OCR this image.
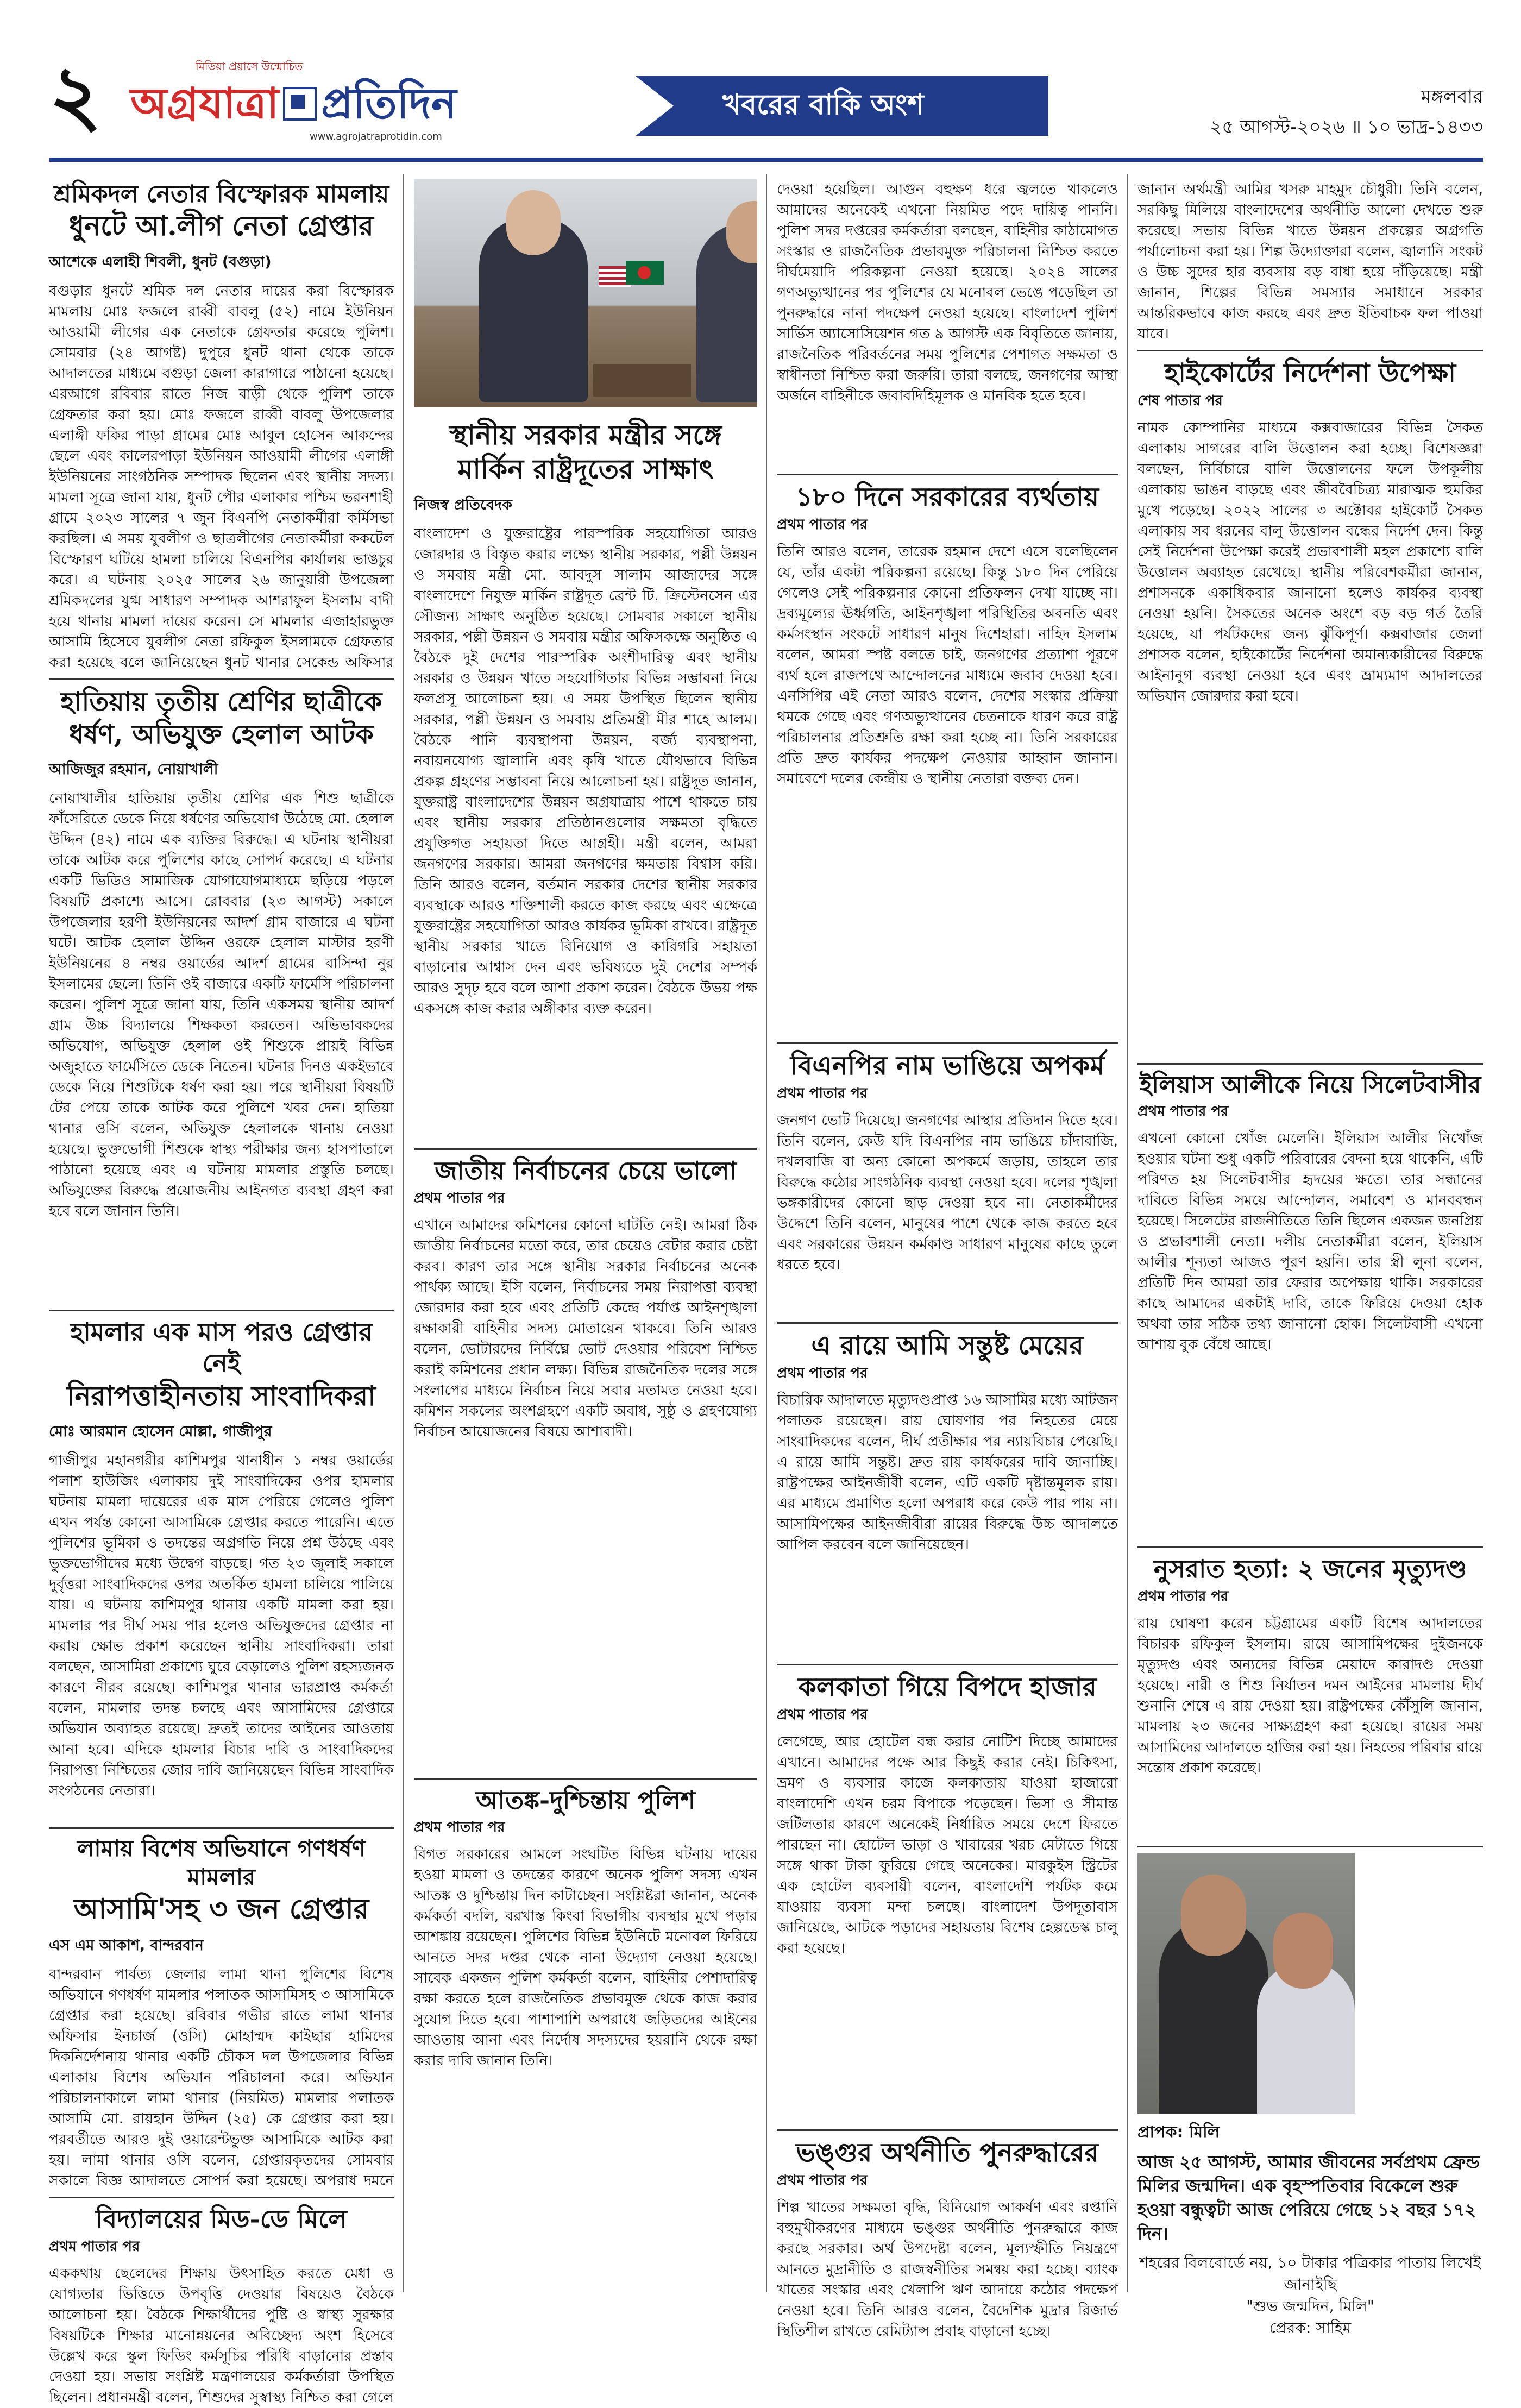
২	মিডিয়া প্রয়াসে উন্মোচিত
অগ্রযাত্রা প্রতিদিন
www.agrojatraprotidin.com
খবরের বাকি অংশ	মঙ্গলবার
২৫ আগস্ট-২০২৬ ॥ ১০ ভাদ্র-১৪৩৩
শ্রমিকদল নেতার বিস্ফোরক মামলায়
ধুনটে আ.লীগ নেতা গ্রেপ্তার
আশেকে এলাহী শিবলী, ধুনট (বগুড়া)
বগুড়ার ধুনটে শ্রমিক দল নেতার দায়ের করা বিস্ফোরক মামলায় মোঃ ফজলে রাব্বী বাবলু (৫২) নামে ইউনিয়ন আওয়ামী লীগের এক নেতাকে গ্রেফতার করেছে পুলিশ। সোমবার (২৪ আগষ্ট) দুপুরে ধুনট থানা থেকে তাকে আদালতের মাধ্যমে বগুড়া জেলা কারাগারে পাঠানো হয়েছে। এরআগে রবিবার রাতে নিজ বাড়ী থেকে পুলিশ তাকে গ্রেফতার করা হয়। মোঃ ফজলে রাব্বী বাবলু উপজেলার এলাঙ্গী ফকির পাড়া গ্রামের মোঃ আবুল হোসেন আকন্দের ছেলে এবং কালেরপাড়া ইউনিয়ন আওয়ামী লীগের এলাঙ্গী ইউনিয়নের সাংগঠনিক সম্পাদক ছিলেন এবং স্থানীয় সদস্য। মামলা সূত্রে জানা যায়, ধুনট পৌর এলাকার পশ্চিম ভরনশাহী গ্রামে ২০২৩ সালের ৭ জুন বিএনপি নেতাকর্মীরা কর্মিসভা করছিল। এ সময় যুবলীগ ও ছাত্রলীগের নেতাকর্মীরা ককটেল বিস্ফোরণ ঘটিয়ে হামলা চালিয়ে বিএনপির কার্যালয় ভাঙচুর করে। এ ঘটনায় ২০২৫ সালের ২৬ জানুয়ারী উপজেলা শ্রমিকদলের যুগ্ম সাধারণ সম্পাদক আশরাফুল ইসলাম বাদী হয়ে থানায় মামলা দায়ের করেন। সে মামলার এজাহারভুক্ত আসামি হিসেবে যুবলীগ নেতা রফিকুল ইসলামকে গ্রেফতার করা হয়েছে বলে জানিয়েছেন ধুনট থানার সেকেন্ড অফিসার
হাতিয়ায় তৃতীয় শ্রেণির ছাত্রীকে
ধর্ষণ, অভিযুক্ত হেলাল আটক
আজিজুর রহমান, নোয়াখালী
নোয়াখালীর হাতিয়ায় তৃতীয় শ্রেণির এক শিশু ছাত্রীকে ফাঁসেরিতে ডেকে নিয়ে ধর্ষণের অভিযোগ উঠেছে মো. হেলাল উদ্দিন (৪২) নামে এক ব্যক্তির বিরুদ্ধে। এ ঘটনায় স্থানীয়রা তাকে আটক করে পুলিশের কাছে সোপর্দ করেছে। এ ঘটনার একটি ভিডিও সামাজিক যোগাযোগমাধ্যমে ছড়িয়ে পড়লে বিষয়টি প্রকাশ্যে আসে। রোববার (২৩ আগস্ট) সকালে উপজেলার হরণী ইউনিয়নের আদর্শ গ্রাম বাজারে এ ঘটনা ঘটে। আটক হেলাল উদ্দিন ওরফে হেলাল মাস্টার হরণী ইউনিয়নের ৪ নম্বর ওয়ার্ডের আদর্শ গ্রামের বাসিন্দা নুর ইসলামের ছেলে। তিনি ওই বাজারে একটি ফার্মেসি পরিচালনা করেন। পুলিশ সূত্রে জানা যায়, তিনি একসময় স্থানীয় আদর্শ গ্রাম উচ্চ বিদ্যালয়ে শিক্ষকতা করতেন। অভিভাবকদের অভিযোগ, অভিযুক্ত হেলাল ওই শিশুকে প্রায়ই বিভিন্ন অজুহাতে ফার্মেসিতে ডেকে নিতেন। ঘটনার দিনও একইভাবে ডেকে নিয়ে শিশুটিকে ধর্ষণ করা হয়। পরে স্থানীয়রা বিষয়টি টের পেয়ে তাকে আটক করে পুলিশে খবর দেন। হাতিয়া থানার ওসি বলেন, অভিযুক্ত হেলালকে থানায় নেওয়া হয়েছে। ভুক্তভোগী শিশুকে স্বাস্থ্য পরীক্ষার জন্য হাসপাতালে পাঠানো হয়েছে এবং এ ঘটনায় মামলার প্রস্তুতি চলছে। অভিযুক্তের বিরুদ্ধে প্রয়োজনীয় আইনগত ব্যবস্থা গ্রহণ করা হবে বলে জানান তিনি।
হামলার এক মাস পরও গ্রেপ্তার নেই
নিরাপত্তাহীনতায় সাংবাদিকরা
মোঃ আরমান হোসেন মোল্লা, গাজীপুর
গাজীপুর মহানগরীর কাশিমপুর থানাধীন ১ নম্বর ওয়ার্ডের পলাশ হাউজিং এলাকায় দুই সাংবাদিকের ওপর হামলার ঘটনায় মামলা দায়েরের এক মাস পেরিয়ে গেলেও পুলিশ এখন পর্যন্ত কোনো আসামিকে গ্রেপ্তার করতে পারেনি। এতে পুলিশের ভূমিকা ও তদন্তের অগ্রগতি নিয়ে প্রশ্ন উঠছে এবং ভুক্তভোগীদের মধ্যে উদ্বেগ বাড়ছে। গত ২৩ জুলাই সকালে দুর্বৃত্তরা সাংবাদিকদের ওপর অতর্কিত হামলা চালিয়ে পালিয়ে যায়। এ ঘটনায় কাশিমপুর থানায় একটি মামলা করা হয়। মামলার পর দীর্ঘ সময় পার হলেও অভিযুক্তদের গ্রেপ্তার না করায় ক্ষোভ প্রকাশ করেছেন স্থানীয় সাংবাদিকরা। তারা বলছেন, আসামিরা প্রকাশ্যে ঘুরে বেড়ালেও পুলিশ রহস্যজনক কারণে নীরব রয়েছে। কাশিমপুর থানার ভারপ্রাপ্ত কর্মকর্তা বলেন, মামলার তদন্ত চলছে এবং আসামিদের গ্রেপ্তারে অভিযান অব্যাহত রয়েছে। দ্রুতই তাদের আইনের আওতায় আনা হবে। এদিকে হামলার বিচার দাবি ও সাংবাদিকদের নিরাপত্তা নিশ্চিতের জোর দাবি জানিয়েছেন বিভিন্ন সাংবাদিক সংগঠনের নেতারা।
লামায় বিশেষ অভিযানে গণধর্ষণ মামলার
আসামি'সহ ৩ জন গ্রেপ্তার
এস এম আকাশ, বান্দরবান
বান্দরবান পার্বত্য জেলার লামা থানা পুলিশের বিশেষ অভিযানে গণধর্ষণ মামলার পলাতক আসামিসহ ৩ আসামিকে গ্রেপ্তার করা হয়েছে। রবিবার গভীর রাতে লামা থানার অফিসার ইনচার্জ (ওসি) মোহাম্মদ কাইছার হামিদের দিকনির্দেশনায় থানার একটি চৌকস দল উপজেলার বিভিন্ন এলাকায় বিশেষ অভিযান পরিচালনা করে। অভিযান পরিচালনাকালে লামা থানার (নিয়মিত) মামলার পলাতক আসামি মো. রায়হান উদ্দিন (২৫) কে গ্রেপ্তার করা হয়। পরবর্তীতে আরও দুই ওয়ারেন্টভুক্ত আসামিকে আটক করা হয়। লামা থানার ওসি বলেন, গ্রেপ্তারকৃতদের সোমবার সকালে বিজ্ঞ আদালতে সোপর্দ করা হয়েছে। অপরাধ দমনে
বিদ্যালয়ের মিড-ডে মিলে
প্রথম পাতার পর
এককথায় ছেলেদের শিক্ষায় উৎসাহিত করতে মেধা ও যোগ্যতার ভিত্তিতে উপবৃত্তি দেওয়ার বিষয়েও বৈঠকে আলোচনা হয়। বৈঠকে শিক্ষার্থীদের পুষ্টি ও স্বাস্থ্য সুরক্ষার বিষয়টিকে শিক্ষার মানোন্নয়নের অবিচ্ছেদ্য অংশ হিসেবে উল্লেখ করে স্কুল ফিডিং কর্মসূচির পরিধি বাড়ানোর প্রস্তাব দেওয়া হয়। সভায় সংশ্লিষ্ট মন্ত্রণালয়ের কর্মকর্তারা উপস্থিত ছিলেন। প্রধানমন্ত্রী বলেন, শিশুদের সুস্বাস্থ্য নিশ্চিত করা গেলে
স্থানীয় সরকার মন্ত্রীর সঙ্গে
মার্কিন রাষ্ট্রদূতের সাক্ষাৎ
নিজস্ব প্রতিবেদক
বাংলাদেশ ও যুক্তরাষ্ট্রের পারস্পরিক সহযোগিতা আরও জোরদার ও বিস্তৃত করার লক্ষ্যে স্থানীয় সরকার, পল্লী উন্নয়ন ও সমবায় মন্ত্রী মো. আবদুস সালাম আজাদের সঙ্গে বাংলাদেশে নিযুক্ত মার্কিন রাষ্ট্রদূত ব্রেন্ট টি. ক্রিস্টেনসেন এর সৌজন্য সাক্ষাৎ অনুষ্ঠিত হয়েছে। সোমবার সকালে স্থানীয় সরকার, পল্লী উন্নয়ন ও সমবায় মন্ত্রীর অফিসকক্ষে অনুষ্ঠিত এ বৈঠকে দুই দেশের পারস্পরিক অংশীদারিত্ব এবং স্থানীয় সরকার ও উন্নয়ন খাতে সহযোগিতার বিভিন্ন সম্ভাবনা নিয়ে ফলপ্রসূ আলোচনা হয়। এ সময় উপস্থিত ছিলেন স্থানীয় সরকার, পল্লী উন্নয়ন ও সমবায় প্রতিমন্ত্রী মীর শাহে আলম। বৈঠকে পানি ব্যবস্থাপনা উন্নয়ন, বর্জ্য ব্যবস্থাপনা, নবায়নযোগ্য জ্বালানি এবং কৃষি খাতে যৌথভাবে বিভিন্ন প্রকল্প গ্রহণের সম্ভাবনা নিয়ে আলোচনা হয়। রাষ্ট্রদূত জানান, যুক্তরাষ্ট্র বাংলাদেশের উন্নয়ন অগ্রযাত্রায় পাশে থাকতে চায় এবং স্থানীয় সরকার প্রতিষ্ঠানগুলোর সক্ষমতা বৃদ্ধিতে প্রযুক্তিগত সহায়তা দিতে আগ্রহী। মন্ত্রী বলেন, আমরা জনগণের সরকার। আমরা জনগণের ক্ষমতায় বিশ্বাস করি। তিনি আরও বলেন, বর্তমান সরকার দেশের স্থানীয় সরকার ব্যবস্থাকে আরও শক্তিশালী করতে কাজ করছে এবং এক্ষেত্রে যুক্তরাষ্ট্রের সহযোগিতা আরও কার্যকর ভূমিকা রাখবে। রাষ্ট্রদূত স্থানীয় সরকার খাতে বিনিয়োগ ও কারিগরি সহায়তা বাড়ানোর আশ্বাস দেন এবং ভবিষ্যতে দুই দেশের সম্পর্ক আরও সুদৃঢ় হবে বলে আশা প্রকাশ করেন। বৈঠকে উভয় পক্ষ একসঙ্গে কাজ করার অঙ্গীকার ব্যক্ত করেন।
জাতীয় নির্বাচনের চেয়ে ভালো
প্রথম পাতার পর
এখানে আমাদের কমিশনের কোনো ঘাটতি নেই। আমরা ঠিক জাতীয় নির্বাচনের মতো করে, তার চেয়েও বেটার করার চেষ্টা করব। কারণ তার সঙ্গে স্থানীয় সরকার নির্বাচনের অনেক পার্থক্য আছে। ইসি বলেন, নির্বাচনের সময় নিরাপত্তা ব্যবস্থা জোরদার করা হবে এবং প্রতিটি কেন্দ্রে পর্যাপ্ত আইনশৃঙ্খলা রক্ষাকারী বাহিনীর সদস্য মোতায়েন থাকবে। তিনি আরও বলেন, ভোটারদের নির্বিঘ্নে ভোট দেওয়ার পরিবেশ নিশ্চিত করাই কমিশনের প্রধান লক্ষ্য। বিভিন্ন রাজনৈতিক দলের সঙ্গে সংলাপের মাধ্যমে নির্বাচন নিয়ে সবার মতামত নেওয়া হবে। কমিশন সকলের অংশগ্রহণে একটি অবাধ, সুষ্ঠু ও গ্রহণযোগ্য নির্বাচন আয়োজনের বিষয়ে আশাবাদী।
আতঙ্ক-দুশ্চিন্তায় পুলিশ
প্রথম পাতার পর
বিগত সরকারের আমলে সংঘটিত বিভিন্ন ঘটনায় দায়ের হওয়া মামলা ও তদন্তের কারণে অনেক পুলিশ সদস্য এখন আতঙ্ক ও দুশ্চিন্তায় দিন কাটাচ্ছেন। সংশ্লিষ্টরা জানান, অনেক কর্মকর্তা বদলি, বরখাস্ত কিংবা বিভাগীয় ব্যবস্থার মুখে পড়ার আশঙ্কায় রয়েছেন। পুলিশের বিভিন্ন ইউনিটে মনোবল ফিরিয়ে আনতে সদর দপ্তর থেকে নানা উদ্যোগ নেওয়া হয়েছে। সাবেক একজন পুলিশ কর্মকর্তা বলেন, বাহিনীর পেশাদারিত্ব রক্ষা করতে হলে রাজনৈতিক প্রভাবমুক্ত থেকে কাজ করার সুযোগ দিতে হবে। পাশাপাশি অপরাধে জড়িতদের আইনের আওতায় আনা এবং নির্দোষ সদস্যদের হয়রানি থেকে রক্ষা করার দাবি জানান তিনি।
দেওয়া হয়েছিল। আগুন বহুক্ষণ ধরে জ্বলতে থাকলেও আমাদের অনেকেই এখনো নিয়মিত পদে দায়িত্ব পাননি। পুলিশ সদর দপ্তরের কর্মকর্তারা বলছেন, বাহিনীর কাঠামোগত সংস্কার ও রাজনৈতিক প্রভাবমুক্ত পরিচালনা নিশ্চিত করতে দীর্ঘমেয়াদি পরিকল্পনা নেওয়া হয়েছে। ২০২৪ সালের গণঅভ্যুত্থানের পর পুলিশের যে মনোবল ভেঙে পড়েছিল তা পুনরুদ্ধারে নানা পদক্ষেপ নেওয়া হয়েছে। বাংলাদেশ পুলিশ সার্ভিস অ্যাসোসিয়েশন গত ৯ আগস্ট এক বিবৃতিতে জানায়, রাজনৈতিক পরিবর্তনের সময় পুলিশের পেশাগত সক্ষমতা ও স্বাধীনতা নিশ্চিত করা জরুরি। তারা বলছে, জনগণের আস্থা অর্জনে বাহিনীকে জবাবদিহিমূলক ও মানবিক হতে হবে।
১৮০ দিনে সরকারের ব্যর্থতায়
প্রথম পাতার পর
তিনি আরও বলেন, তারেক রহমান দেশে এসে বলেছিলেন যে, তাঁর একটা পরিকল্পনা রয়েছে। কিন্তু ১৮০ দিন পেরিয়ে গেলেও সেই পরিকল্পনার কোনো প্রতিফলন দেখা যাচ্ছে না। দ্রব্যমূল্যের ঊর্ধ্বগতি, আইনশৃঙ্খলা পরিস্থিতির অবনতি এবং কর্মসংস্থান সংকটে সাধারণ মানুষ দিশেহারা। নাহিদ ইসলাম বলেন, আমরা স্পষ্ট বলতে চাই, জনগণের প্রত্যাশা পূরণে ব্যর্থ হলে রাজপথে আন্দোলনের মাধ্যমে জবাব দেওয়া হবে। এনসিপির এই নেতা আরও বলেন, দেশের সংস্কার প্রক্রিয়া থমকে গেছে এবং গণঅভ্যুত্থানের চেতনাকে ধারণ করে রাষ্ট্র পরিচালনার প্রতিশ্রুতি রক্ষা করা হচ্ছে না। তিনি সরকারের প্রতি দ্রুত কার্যকর পদক্ষেপ নেওয়ার আহ্বান জানান। সমাবেশে দলের কেন্দ্রীয় ও স্থানীয় নেতারা বক্তব্য দেন।
বিএনপির নাম ভাঙিয়ে অপকর্ম
প্রথম পাতার পর
জনগণ ভোট দিয়েছে। জনগণের আস্থার প্রতিদান দিতে হবে। তিনি বলেন, কেউ যদি বিএনপির নাম ভাঙিয়ে চাঁদাবাজি, দখলবাজি বা অন্য কোনো অপকর্মে জড়ায়, তাহলে তার বিরুদ্ধে কঠোর সাংগঠনিক ব্যবস্থা নেওয়া হবে। দলের শৃঙ্খলা ভঙ্গকারীদের কোনো ছাড় দেওয়া হবে না। নেতাকর্মীদের উদ্দেশে তিনি বলেন, মানুষের পাশে থেকে কাজ করতে হবে এবং সরকারের উন্নয়ন কর্মকাণ্ড সাধারণ মানুষের কাছে তুলে ধরতে হবে।
এ রায়ে আমি সন্তুষ্ট মেয়ের
প্রথম পাতার পর
বিচারিক আদালতে মৃত্যুদণ্ডপ্রাপ্ত ১৬ আসামির মধ্যে আটজন পলাতক রয়েছেন। রায় ঘোষণার পর নিহতের মেয়ে সাংবাদিকদের বলেন, দীর্ঘ প্রতীক্ষার পর ন্যায়বিচার পেয়েছি। এ রায়ে আমি সন্তুষ্ট। দ্রুত রায় কার্যকরের দাবি জানাচ্ছি। রাষ্ট্রপক্ষের আইনজীবী বলেন, এটি একটি দৃষ্টান্তমূলক রায়। এর মাধ্যমে প্রমাণিত হলো অপরাধ করে কেউ পার পায় না। আসামিপক্ষের আইনজীবীরা রায়ের বিরুদ্ধে উচ্চ আদালতে আপিল করবেন বলে জানিয়েছেন।
কলকাতা গিয়ে বিপদে হাজার
প্রথম পাতার পর
লেগেছে, আর হোটেল বন্ধ করার নোটিশ দিচ্ছে আমাদের এখানে। আমাদের পক্ষে আর কিছুই করার নেই। চিকিৎসা, ভ্রমণ ও ব্যবসার কাজে কলকাতায় যাওয়া হাজারো বাংলাদেশি এখন চরম বিপাকে পড়েছেন। ভিসা ও সীমান্ত জটিলতার কারণে অনেকেই নির্ধারিত সময়ে দেশে ফিরতে পারছেন না। হোটেল ভাড়া ও খাবারের খরচ মেটাতে গিয়ে সঙ্গে থাকা টাকা ফুরিয়ে গেছে অনেকের। মারকুইস স্ট্রিটের এক হোটেল ব্যবসায়ী বলেন, বাংলাদেশি পর্যটক কমে যাওয়ায় ব্যবসা মন্দা চলছে। বাংলাদেশ উপদূতাবাস জানিয়েছে, আটকে পড়াদের সহায়তায় বিশেষ হেল্পডেস্ক চালু করা হয়েছে।
ভঙ্গুর অর্থনীতি পুনরুদ্ধারের
প্রথম পাতার পর
শিল্প খাতের সক্ষমতা বৃদ্ধি, বিনিয়োগ আকর্ষণ এবং রপ্তানি বহুমুখীকরণের মাধ্যমে ভঙ্গুর অর্থনীতি পুনরুদ্ধারে কাজ করছে সরকার। অর্থ উপদেষ্টা বলেন, মূল্যস্ফীতি নিয়ন্ত্রণে আনতে মুদ্রানীতি ও রাজস্বনীতির সমন্বয় করা হচ্ছে। ব্যাংক খাতের সংস্কার এবং খেলাপি ঋণ আদায়ে কঠোর পদক্ষেপ নেওয়া হবে। তিনি আরও বলেন, বৈদেশিক মুদ্রার রিজার্ভ স্থিতিশীল রাখতে রেমিট্যান্স প্রবাহ বাড়ানো হচ্ছে।
জানান অর্থমন্ত্রী আমির খসরু মাহমুদ চৌধুরী। তিনি বলেন, সরকিছু মিলিয়ে বাংলাদেশের অর্থনীতি আলো দেখতে শুরু করেছে। সভায় বিভিন্ন খাতে উন্নয়ন প্রকল্পের অগ্রগতি পর্যালোচনা করা হয়। শিল্প উদ্যোক্তারা বলেন, জ্বালানি সংকট ও উচ্চ সুদের হার ব্যবসায় বড় বাধা হয়ে দাঁড়িয়েছে। মন্ত্রী জানান, শিল্পের বিভিন্ন সমস্যার সমাধানে সরকার আন্তরিকভাবে কাজ করছে এবং দ্রুত ইতিবাচক ফল পাওয়া যাবে।
হাইকোর্টের নির্দেশনা উপেক্ষা
শেষ পাতার পর
নামক কোম্পানির মাধ্যমে কক্সবাজারের বিভিন্ন সৈকত এলাকায় সাগরের বালি উত্তোলন করা হচ্ছে। বিশেষজ্ঞরা বলছেন, নির্বিচারে বালি উত্তোলনের ফলে উপকূলীয় এলাকায় ভাঙন বাড়ছে এবং জীববৈচিত্র্য মারাত্মক হুমকির মুখে পড়েছে। ২০২২ সালের ৩ অক্টোবর হাইকোর্ট সৈকত এলাকায় সব ধরনের বালু উত্তোলন বন্ধের নির্দেশ দেন। কিন্তু সেই নির্দেশনা উপেক্ষা করেই প্রভাবশালী মহল প্রকাশ্যে বালি উত্তোলন অব্যাহত রেখেছে। স্থানীয় পরিবেশকর্মীরা জানান, প্রশাসনকে একাধিকবার জানানো হলেও কার্যকর ব্যবস্থা নেওয়া হয়নি। সৈকতের অনেক অংশে বড় বড় গর্ত তৈরি হয়েছে, যা পর্যটকদের জন্য ঝুঁকিপূর্ণ। কক্সবাজার জেলা প্রশাসক বলেন, হাইকোর্টের নির্দেশনা অমান্যকারীদের বিরুদ্ধে আইনানুগ ব্যবস্থা নেওয়া হবে এবং ভ্রাম্যমাণ আদালতের অভিযান জোরদার করা হবে।
ইলিয়াস আলীকে নিয়ে সিলেটবাসীর
প্রথম পাতার পর
এখনো কোনো খোঁজ মেলেনি। ইলিয়াস আলীর নিখোঁজ হওয়ার ঘটনা শুধু একটি পরিবারের বেদনা হয়ে থাকেনি, এটি পরিণত হয় সিলেটবাসীর হৃদয়ের ক্ষতে। তার সন্ধানের দাবিতে বিভিন্ন সময়ে আন্দোলন, সমাবেশ ও মানববন্ধন হয়েছে। সিলেটের রাজনীতিতে তিনি ছিলেন একজন জনপ্রিয় ও প্রভাবশালী নেতা। দলীয় নেতাকর্মীরা বলেন, ইলিয়াস আলীর শূন্যতা আজও পূরণ হয়নি। তার স্ত্রী লুনা বলেন, প্রতিটি দিন আমরা তার ফেরার অপেক্ষায় থাকি। সরকারের কাছে আমাদের একটাই দাবি, তাকে ফিরিয়ে দেওয়া হোক অথবা তার সঠিক তথ্য জানানো হোক। সিলেটবাসী এখনো আশায় বুক বেঁধে আছে।
নুসরাত হত্যা: ২ জনের মৃত্যুদণ্ড
প্রথম পাতার পর
রায় ঘোষণা করেন চট্টগ্রামের একটি বিশেষ আদালতের বিচারক রফিকুল ইসলাম। রায়ে আসামিপক্ষের দুইজনকে মৃত্যুদণ্ড এবং অন্যদের বিভিন্ন মেয়াদে কারাদণ্ড দেওয়া হয়েছে। নারী ও শিশু নির্যাতন দমন আইনের মামলায় দীর্ঘ শুনানি শেষে এ রায় দেওয়া হয়। রাষ্ট্রপক্ষের কৌঁসুলি জানান, মামলায় ২৩ জনের সাক্ষ্যগ্রহণ করা হয়েছে। রায়ের সময় আসামিদের আদালতে হাজির করা হয়। নিহতের পরিবার রায়ে সন্তোষ প্রকাশ করেছে।
প্রাপক: মিলি
আজ ২৫ আগস্ট, আমার জীবনের সর্বপ্রথম ফ্রেন্ড মিলির জন্মদিন। এক বৃহস্পতিবার বিকেলে শুরু হওয়া বন্ধুত্বটা আজ পেরিয়ে গেছে ১২ বছর ১৭২ দিন।
শহরের বিলবোর্ডে নয়, ১০ টাকার পত্রিকার পাতায় লিখেই জানাইছি
"শুভ জন্মদিন, মিলি"
প্রেরক: সাহিম
